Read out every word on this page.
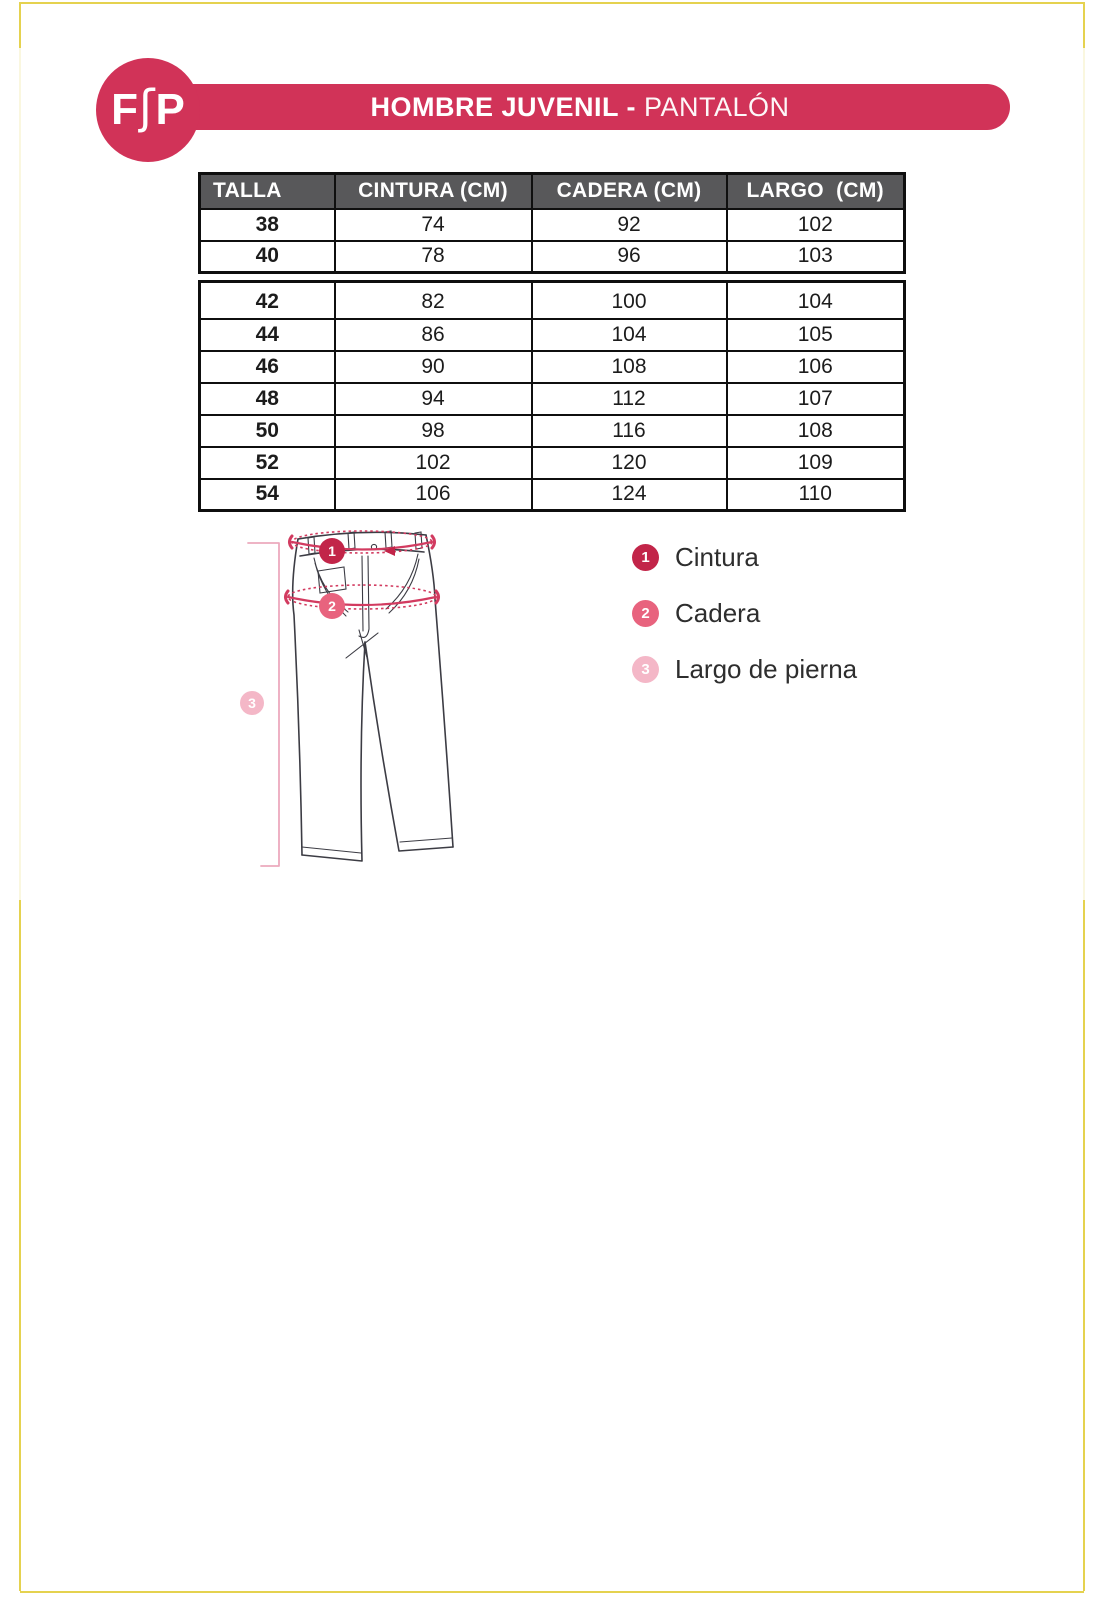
HOMBRE JUVENIL - PANTALÓN
F ʃ P
TALLA	CINTURA (CM)	CADERA (CM)	LARGO  (CM)
38	74	92	102
40	78	96	103
42	82	100	104
44	86	104	105
46	90	108	106
48	94	112	107
50	98	116	108
52	102	120	109
54	106	124	110
1
2
3
1 Cintura
2 Cadera
3 Largo de pierna
